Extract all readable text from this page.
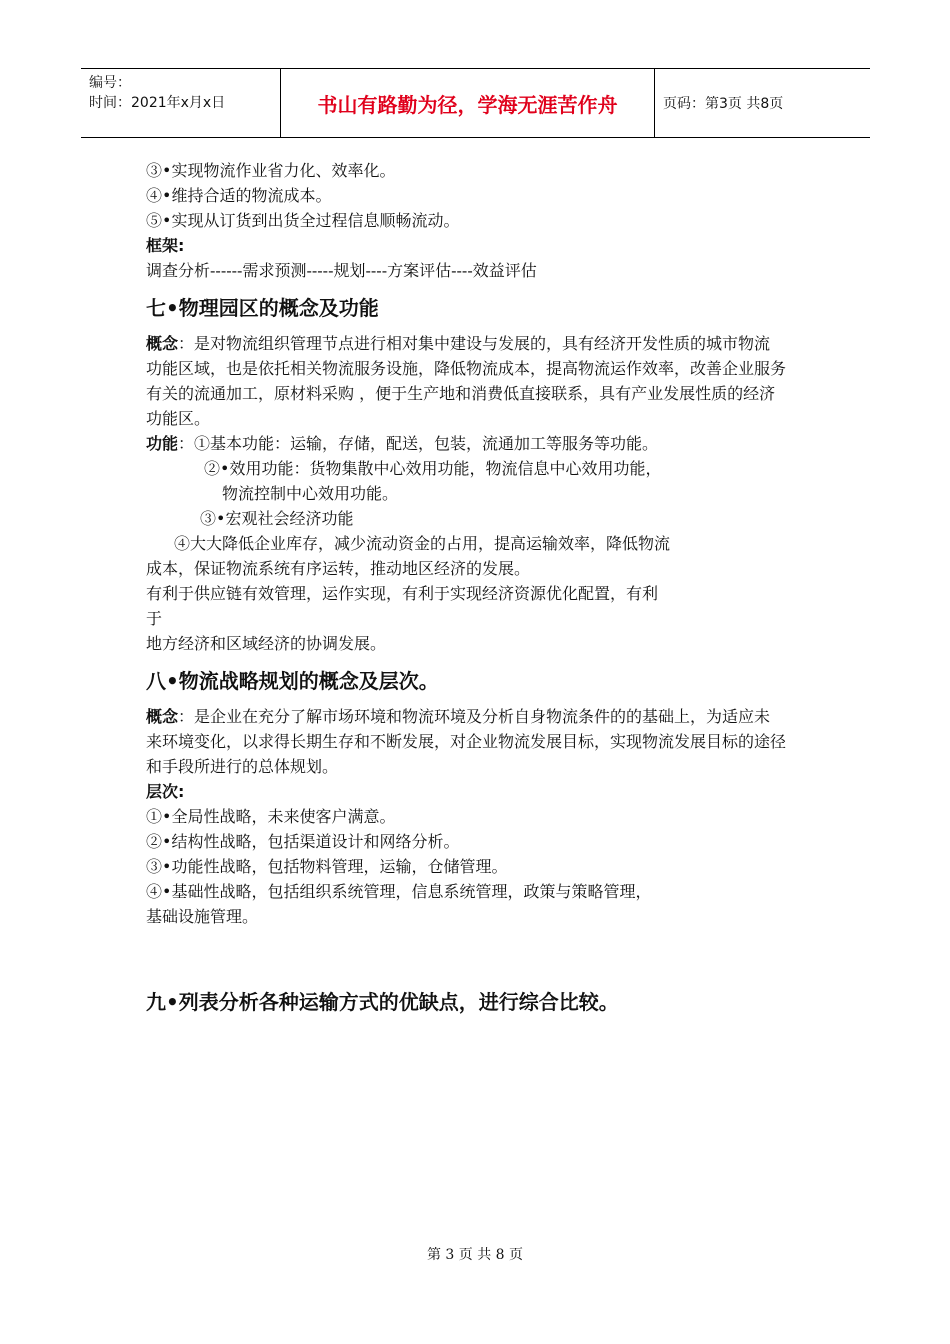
编号：
时间：2021年x月x日	书山有路勤为径，学海无涯苦作舟	页码：第3页 共8页
③•实现物流作业省力化、效率化。
④•维持合适的物流成本。
⑤•实现从订货到出货全过程信息顺畅流动。
框架:
调查分析------需求预测-----规划----方案评估----效益评估
七•物理园区的概念及功能
概念：是对物流组织管理节点进行相对集中建设与发展的，具有经济开发性质的城市物流功能区域，也是依托相关物流服务设施，降低物流成本，提高物流运作效率，改善企业服务有关的流通加工，原材料采购 ，便于生产地和消费低直接联系，具有产业发展性质的经济功能区。
功能：①基本功能：运输，存储，配送，包装，流通加工等服务等功能。
②•效用功能：货物集散中心效用功能，物流信息中心效用功能，
物流控制中心效用功能。
③•宏观社会经济功能
④大大降低企业库存，减少流动资金的占用，提高运输效率，降低物流
成本，保证物流系统有序运转，推动地区经济的发展。
有利于供应链有效管理，运作实现，有利于实现经济资源优化配置，有利
于
地方经济和区域经济的协调发展。
八•物流战略规划的概念及层次。
概念：是企业在充分了解市场环境和物流环境及分析自身物流条件的的基础上，为适应未来环境变化，以求得长期生存和不断发展，对企业物流发展目标，实现物流发展目标的途径和手段所进行的总体规划。
层次:
①•全局性战略，未来使客户满意。
②•结构性战略，包括渠道设计和网络分析。
③•功能性战略，包括物料管理，运输，仓储管理。
④•基础性战略，包括组织系统管理，信息系统管理，政策与策略管理，
基础设施管理。
九•列表分析各种运输方式的优缺点，进行综合比较。
第 3 页 共 8 页
